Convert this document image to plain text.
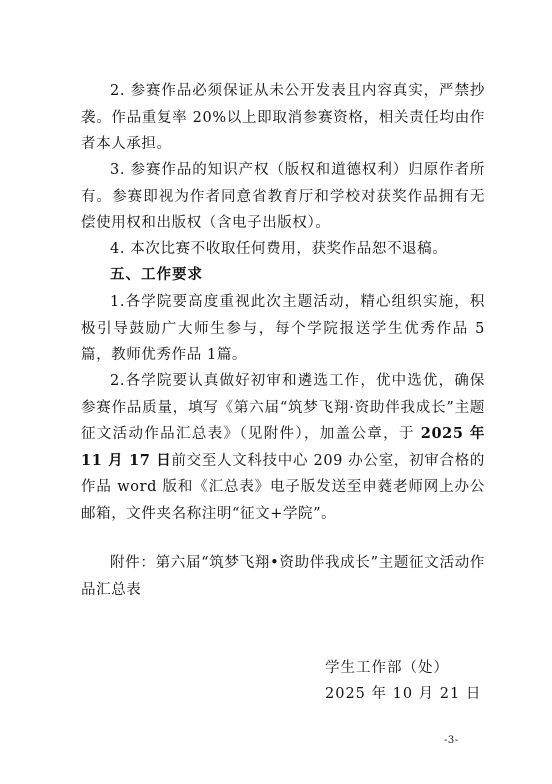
2. 参赛作品必须保证从未公开发表且内容真实，严禁抄袭。作品重复率 20%以上即取消参赛资格，相关责任均由作者本人承担。

3. 参赛作品的知识产权（版权和道德权利）归原作者所有。参赛即视为作者同意省教育厅和学校对获奖作品拥有无偿使用权和出版权（含电子出版权）。

4. 本次比赛不收取任何费用，获奖作品恕不退稿。

五、工作要求

1.各学院要高度重视此次主题活动，精心组织实施，积极引导鼓励广大师生参与，每个学院报送学生优秀作品 5篇，教师优秀作品 1篇。

2.各学院要认真做好初审和遴选工作，优中选优，确保参赛作品质量，填写《第六届“筑梦飞翔·资助伴我成长”主题征文活动作品汇总表》（见附件），加盖公章，于 2025 年 11 月 17 日前交至人文科技中心 209 办公室，初审合格的作品 word 版和《汇总表》电子版发送至申蕤老师网上办公邮箱，文件夹名称注明“征文+学院”。

附件：第六届“筑梦飞翔•资助伴我成长”主题征文活动作品汇总表

学生工作部（处）
2025 年 10 月 21 日
-3-
